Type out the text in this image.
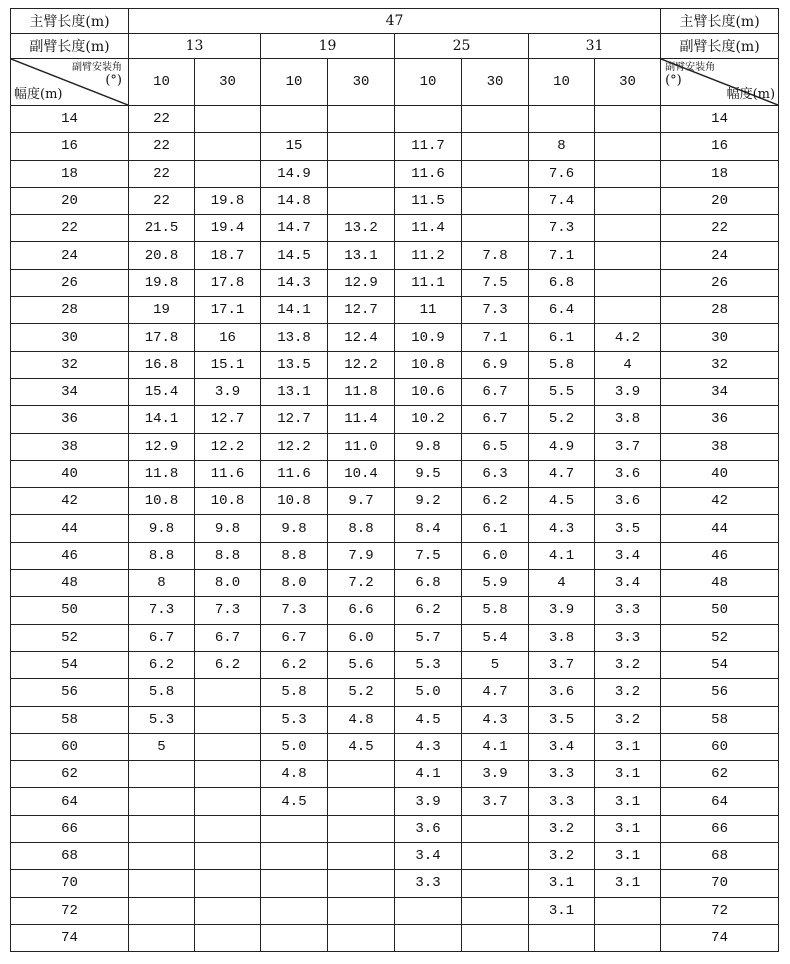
主臂长度(m)	47								主臂长度(m)
副臂长度(m)	13		19		25		31		副臂长度(m)

副臂安装角
(°)
幅度(m)	10	30	10	30	10	30	10	30	副臂安装角
(°)
幅度(m)

14	22								14
16	22		15		11.7		8		16
18	22		14.9		11.6		7.6		18
20	22	19.8	14.8		11.5		7.4		20
22	21.5	19.4	14.7	13.2	11.4		7.3		22
24	20.8	18.7	14.5	13.1	11.2	7.8	7.1		24
26	19.8	17.8	14.3	12.9	11.1	7.5	6.8		26
28	19	17.1	14.1	12.7	11	7.3	6.4		28
30	17.8	16	13.8	12.4	10.9	7.1	6.1	4.2	30
32	16.8	15.1	13.5	12.2	10.8	6.9	5.8	4	32
34	15.4	3.9	13.1	11.8	10.6	6.7	5.5	3.9	34
36	14.1	12.7	12.7	11.4	10.2	6.7	5.2	3.8	36
38	12.9	12.2	12.2	11.0	9.8	6.5	4.9	3.7	38
40	11.8	11.6	11.6	10.4	9.5	6.3	4.7	3.6	40
42	10.8	10.8	10.8	9.7	9.2	6.2	4.5	3.6	42
44	9.8	9.8	9.8	8.8	8.4	6.1	4.3	3.5	44
46	8.8	8.8	8.8	7.9	7.5	6.0	4.1	3.4	46
48	8	8.0	8.0	7.2	6.8	5.9	4	3.4	48
50	7.3	7.3	7.3	6.6	6.2	5.8	3.9	3.3	50
52	6.7	6.7	6.7	6.0	5.7	5.4	3.8	3.3	52
54	6.2	6.2	6.2	5.6	5.3	5	3.7	3.2	54
56	5.8		5.8	5.2	5.0	4.7	3.6	3.2	56
58	5.3		5.3	4.8	4.5	4.3	3.5	3.2	58
60	5		5.0	4.5	4.3	4.1	3.4	3.1	60
62			4.8		4.1	3.9	3.3	3.1	62
64			4.5		3.9	3.7	3.3	3.1	64
66					3.6		3.2	3.1	66
68					3.4		3.2	3.1	68
70					3.3		3.1	3.1	70
72							3.1		72
74									74
